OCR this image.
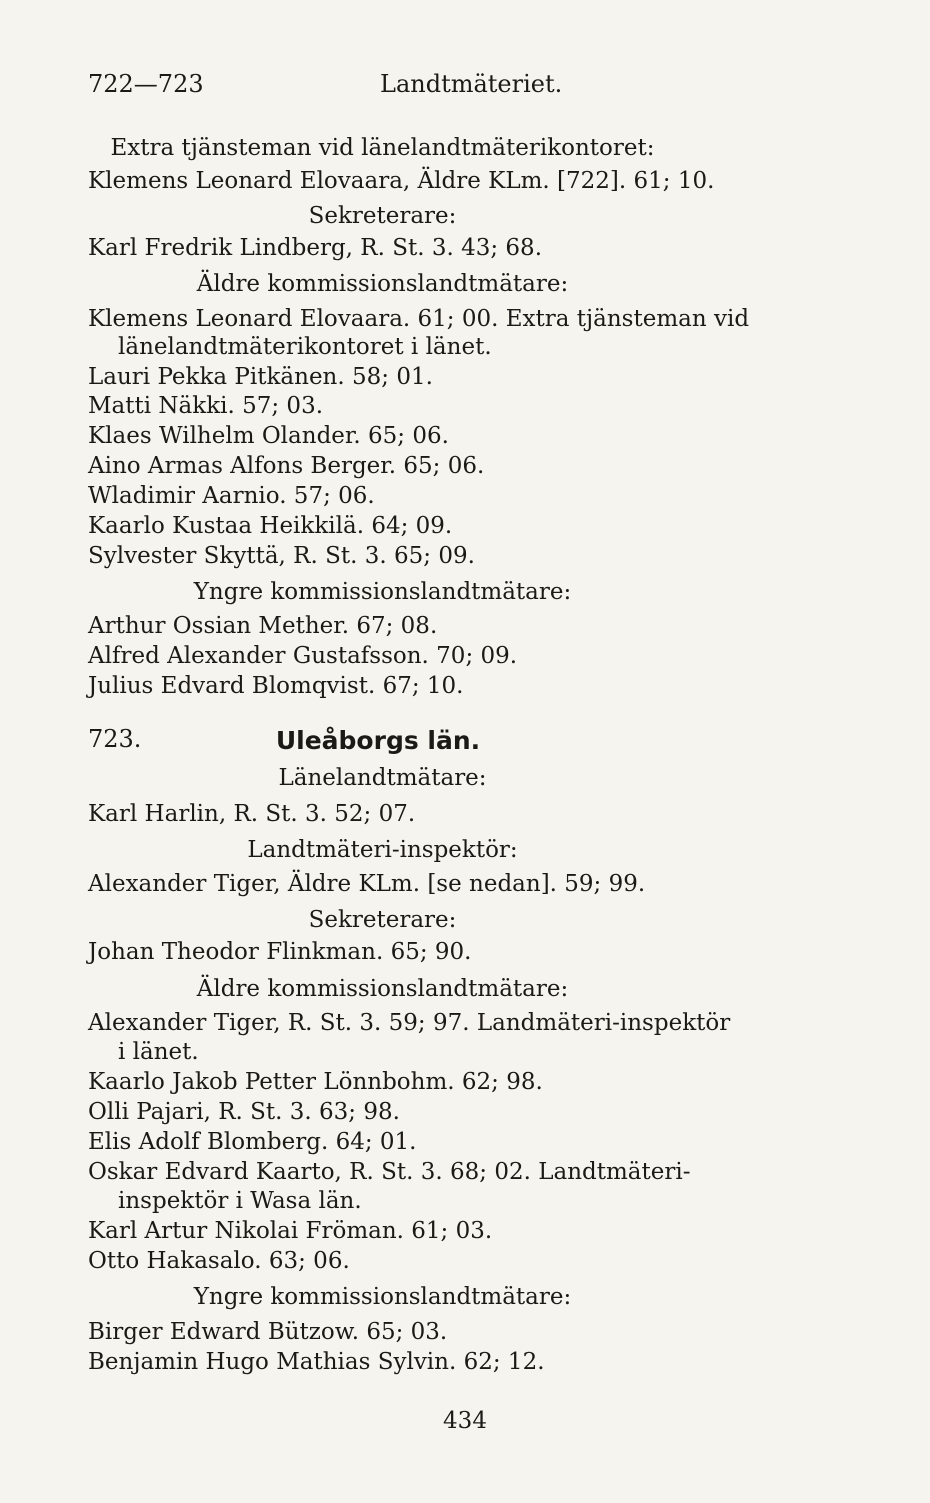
722—723	Landtmäteriet.
Extra tjänsteman vid länelandtmäterikontoret:
Klemens Leonard Elovaara, Äldre KLm. [722]. 61; 10.
Sekreterare:
Karl Fredrik Lindberg, R. St. 3. 43; 68.
Äldre kommissionslandtmätare:
Klemens Leonard Elovaara. 61; 00. Extra tjänsteman vid
länelandtmäterikontoret i länet.
Lauri Pekka Pitkänen. 58; 01.
Matti Näkki. 57; 03.
Klaes Wilhelm Olander. 65; 06.
Aino Armas Alfons Berger. 65; 06.
Wladimir Aarnio. 57; 06.
Kaarlo Kustaa Heikkilä. 64; 09.
Sylvester Skyttä, R. St. 3. 65; 09.
Yngre kommissionslandtmätare:
Arthur Ossian Mether. 67; 08.
Alfred Alexander Gustafsson. 70; 09.
Julius Edvard Blomqvist. 67; 10.
723.	Uleåborgs län.
Länelandtmätare:
Karl Harlin, R. St. 3. 52; 07.
Landtmäteri-inspektör:
Alexander Tiger, Äldre KLm. [se nedan]. 59; 99.
Sekreterare:
Johan Theodor Flinkman. 65; 90.
Äldre kommissionslandtmätare:
Alexander Tiger, R. St. 3. 59; 97. Landmäteri-inspektör
i länet.
Kaarlo Jakob Petter Lönnbohm. 62; 98.
Olli Pajari, R. St. 3. 63; 98.
Elis Adolf Blomberg. 64; 01.
Oskar Edvard Kaarto, R. St. 3. 68; 02. Landtmäteri-
inspektör i Wasa län.
Karl Artur Nikolai Fröman. 61; 03.
Otto Hakasalo. 63; 06.
Yngre kommissionslandtmätare:
Birger Edward Bützow. 65; 03.
Benjamin Hugo Mathias Sylvin. 62; 12.
434
